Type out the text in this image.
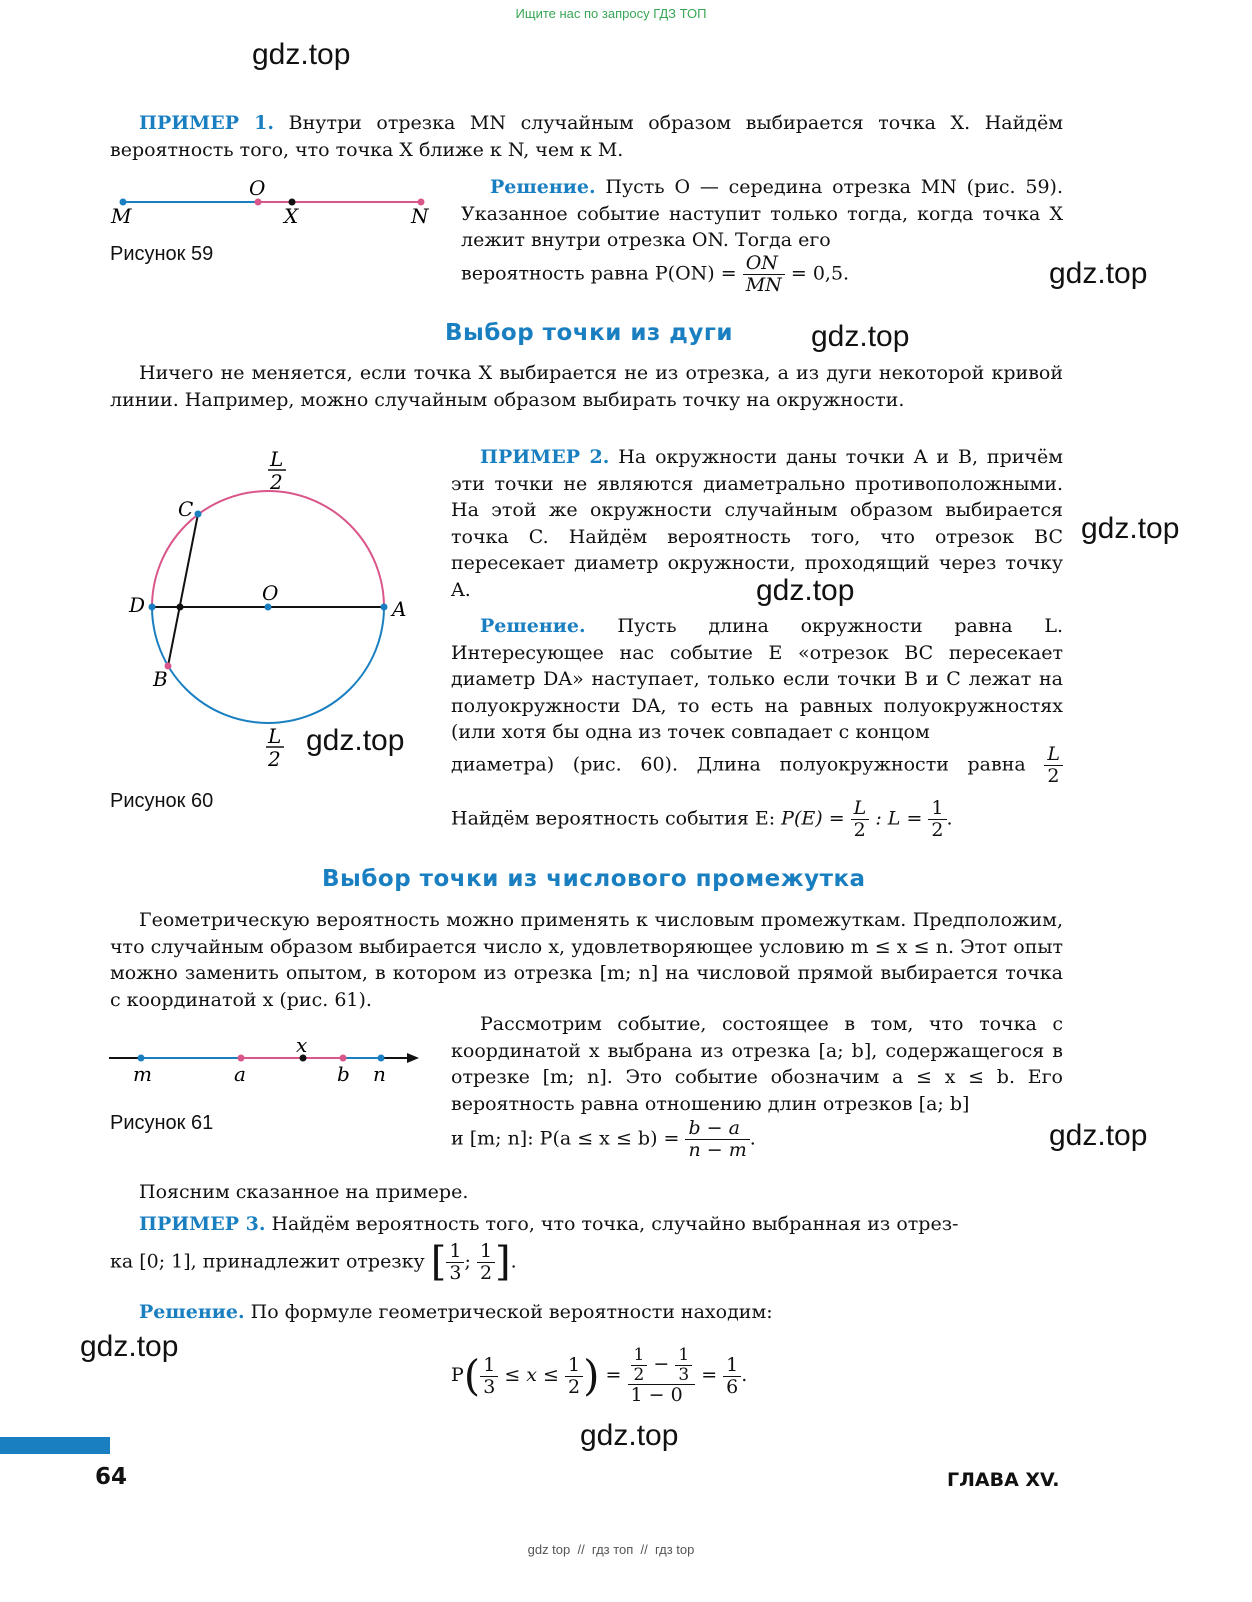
Ищите нас по запросу ГДЗ ТОП
gdz.top
gdz.top
gdz.top
gdz.top
gdz.top
gdz.top
gdz.top
gdz.top
gdz.top
ПРИМЕР 1. Внутри отрезка MN случайным образом выбирается точка X. Найдём вероятность того, что точка X ближе к N, чем к M.
M
O
X	N
Рисунок 59
Решение. Пусть O — середина отрезка MN (рис. 59). Указанное событие наступит только тогда, когда точка X лежит внутри отрезка ON. Тогда его
вероятность равна $P(ON) = \frac{ON}{MN} = 0,5$.
Выбор точки из дуги
Ничего не меняется, если точка X выбирается не из отрезка, а из дуги некоторой кривой линии. Например, можно случайным образом выбирать точку на окружности.
C
D	O
A
B
L
2
L
2
Рисунок 60
ПРИМЕР 2. На окружности даны точки A и B, причём эти точки не являются диаметрально противоположными. На этой же окружности случайным образом выбирается точка C. Найдём вероятность того, что отрезок BC пересекает диаметр окружности, проходящий через точку A.
Решение. Пусть длина окружности равна L. Интересующее нас событие E «отрезок BC пересекает диаметр DA» наступает, только если точки B и C лежат на полуокружности DA, то есть на равных полуокружностях (или хотя бы одна из точек совпадает с концом
диаметра) (рис. 60). Длина полуокружности равна $\frac{L}{2}$
Найдём вероятность события E: $P(E) = \frac{L}{2}$ : $L = \frac{1}{2}$ .
Выбор точки из числового промежутка
Геометрическую вероятность можно применять к числовым промежуткам. Предположим, что случайным образом выбирается число x, удовлетворяющее условию m ≤ x ≤ n. Этот опыт можно заменить опытом, в котором из отрезка [m; n] на числовой прямой выбирается точка с координатой x (рис. 61).
m	a
x
b n
Рисунок 61
Рассмотрим событие, состоящее в том, что точка с координатой x выбрана из отрезка [a; b], содержащегося в отрезке [m; n]. Это событие обозначим a ≤ x ≤ b. Его вероятность равна отношению длин отрезков [a; b]
и [m; n]: $P(a \le x \le b) = \frac{b - a}{n - m}$ .
Поясним сказанное на примере.
ПРИМЕР 3. Найдём вероятность того, что точка, случайно выбранная из отрез-
ка [0; 1], принадлежит отрезку [ $\frac{1}{3}$ ; $\frac{1}{2}$ ].
Решение. По формуле геометрической вероятности находим:
$P( \frac{1}{3} \le x \le \frac{1}{2}$ ) = $\frac{\frac{1}{2} - \frac{1}{3}}{1 - 0} = \frac{1}{6}$ .
64	ГЛАВА XV.
gdz top  //  гдз топ  //  гдз top
